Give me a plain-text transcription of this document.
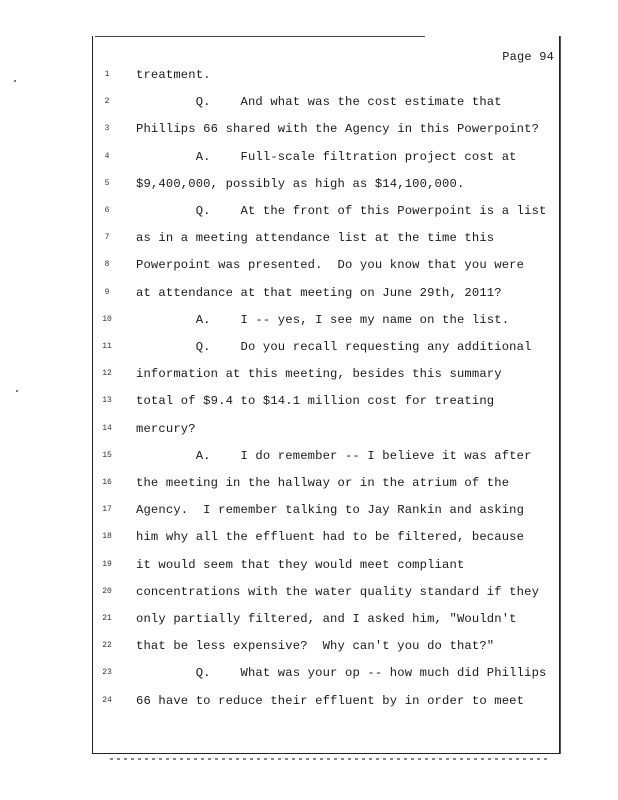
Page 94
1	treatment.
2	Q.    And what was the cost estimate that
3	Phillips 66 shared with the Agency in this Powerpoint?
4	A.    Full-scale filtration project cost at
5	$9,400,000, possibly as high as $14,100,000.
6	Q.    At the front of this Powerpoint is a list
7	as in a meeting attendance list at the time this
8	Powerpoint was presented.  Do you know that you were
9	at attendance at that meeting on June 29th, 2011?
10	A.    I -- yes, I see my name on the list.
11	Q.    Do you recall requesting any additional
12	information at this meeting, besides this summary
13	total of $9.4 to $14.1 million cost for treating
14	mercury?
15	A.    I do remember -- I believe it was after
16	the meeting in the hallway or in the atrium of the
17	Agency.  I remember talking to Jay Rankin and asking
18	him why all the effluent had to be filtered, because
19	it would seem that they would meet compliant
20	concentrations with the water quality standard if they
21	only partially filtered, and I asked him, "Wouldn't
22	that be less expensive?  Why can't you do that?"
23	Q.    What was your op -- how much did Phillips
24	66 have to reduce their effluent by in order to meet
